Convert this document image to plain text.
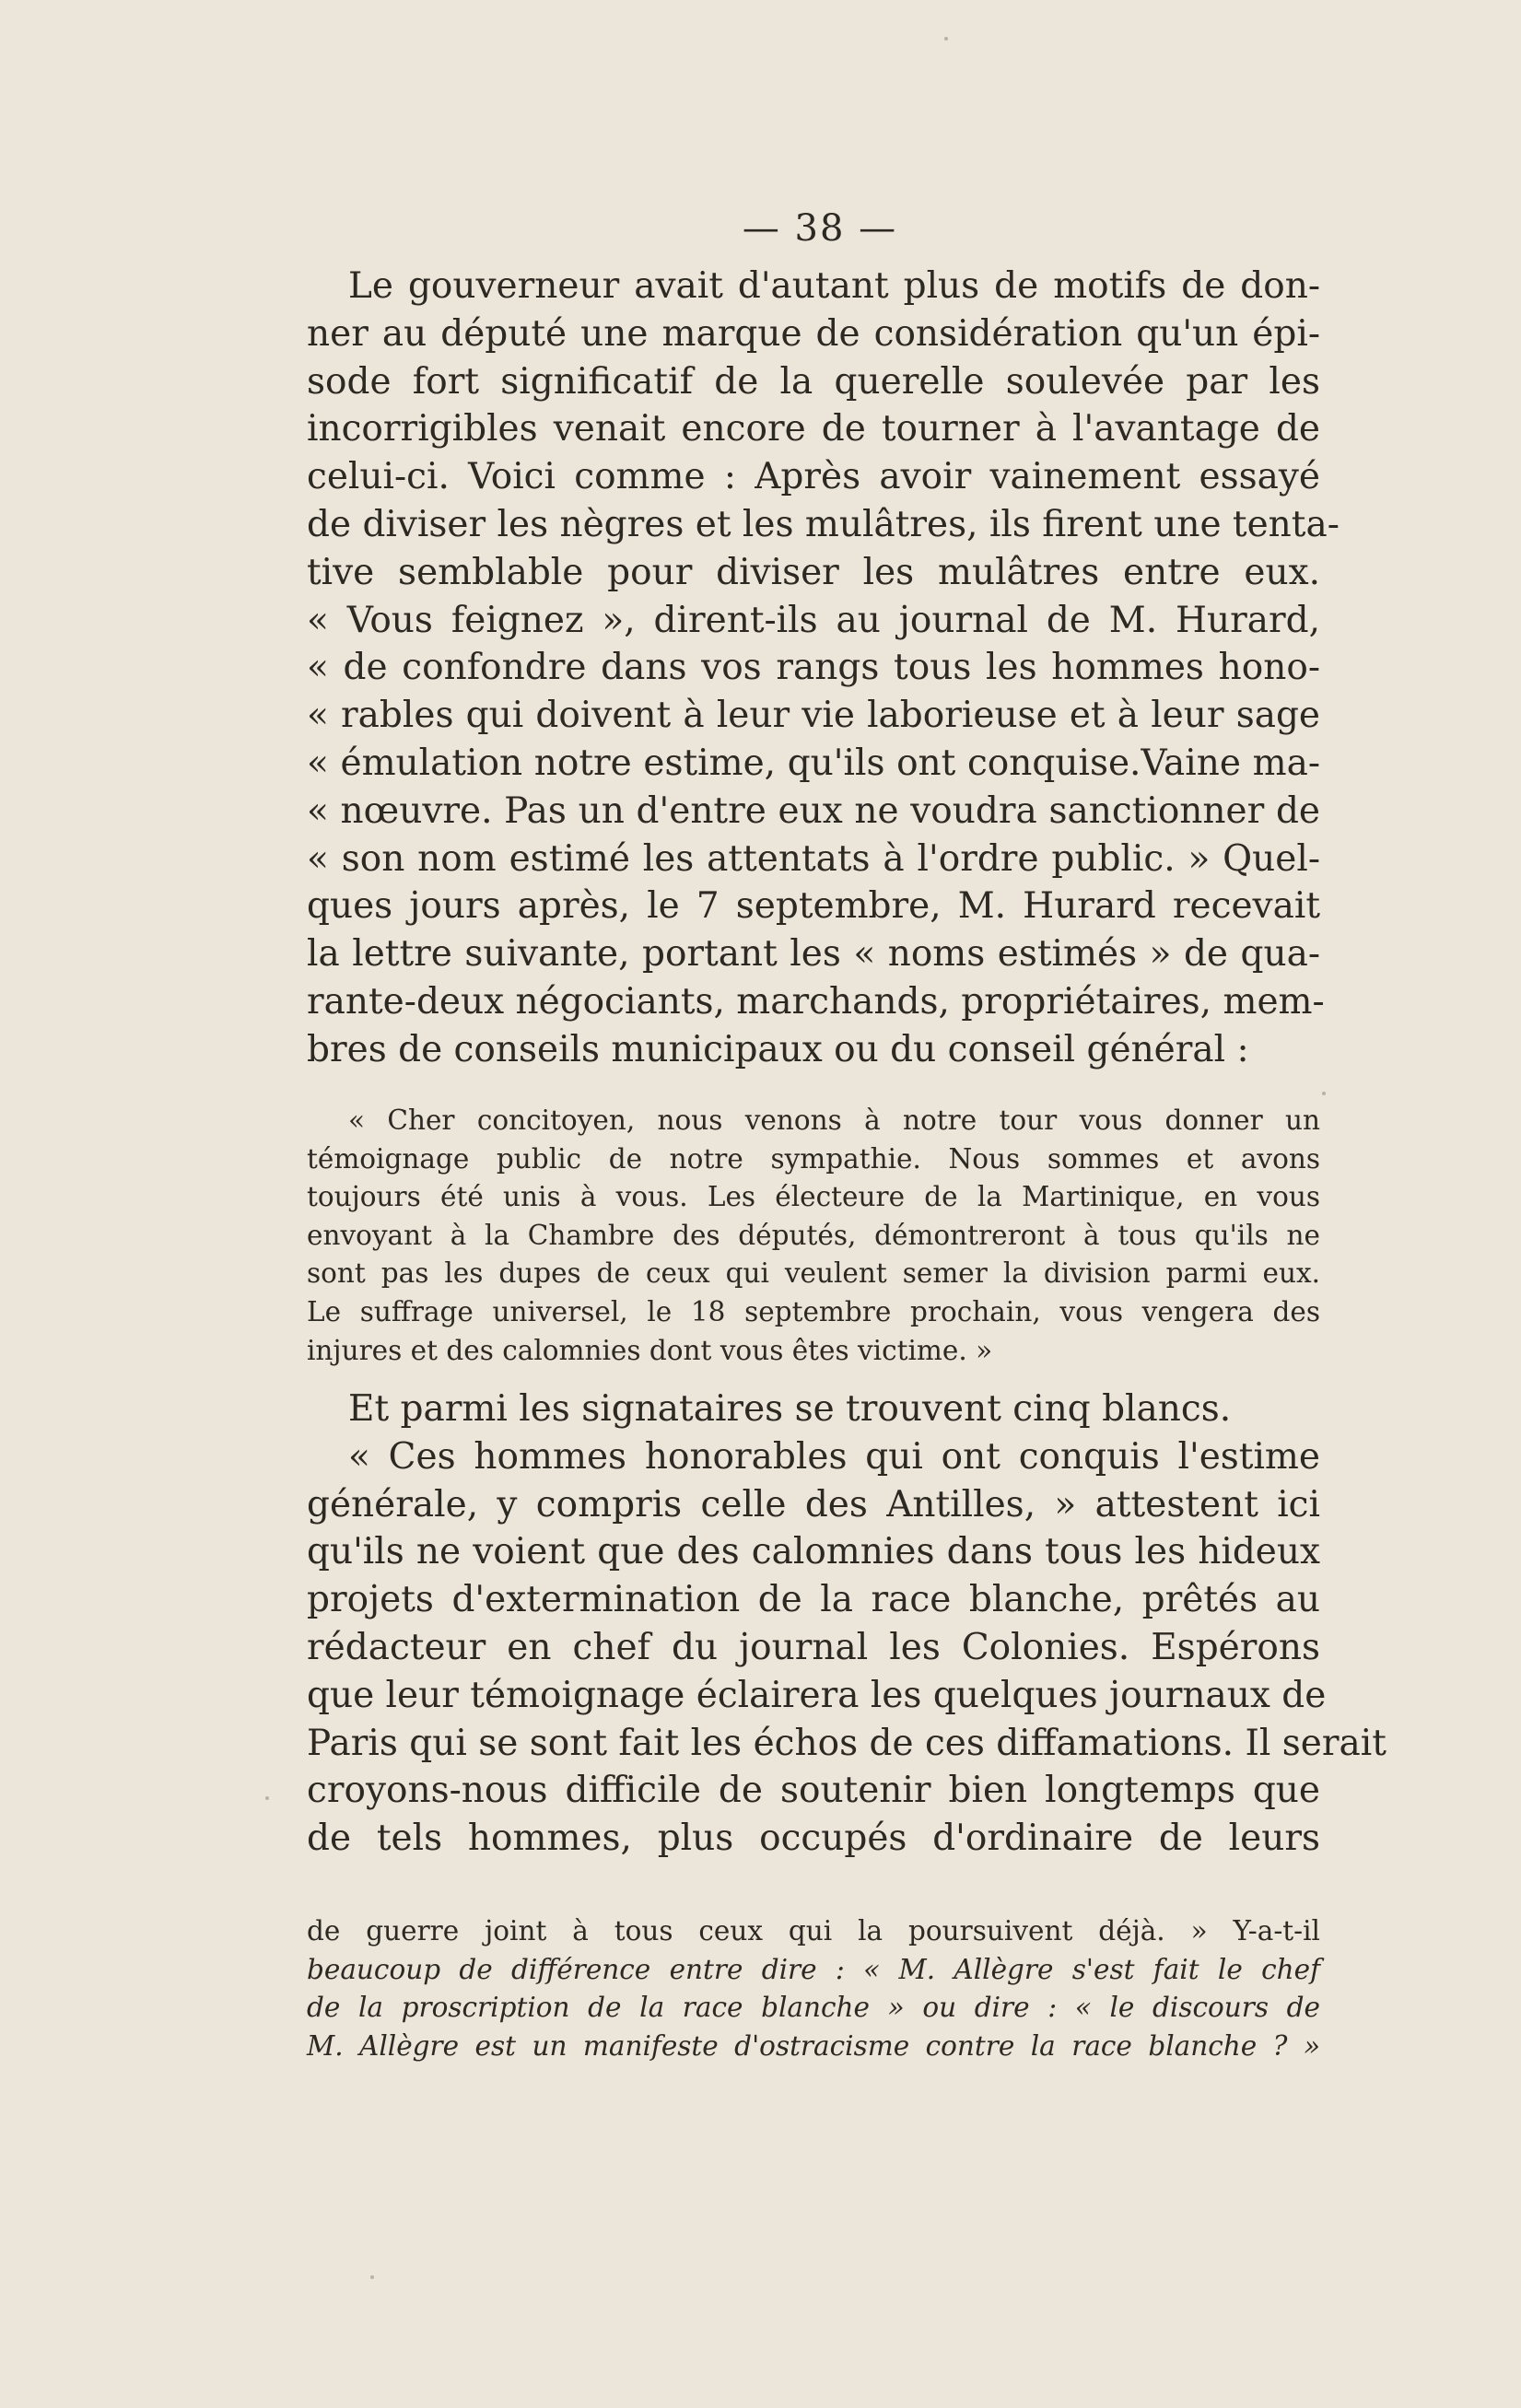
— 38 —
Le gouverneur avait d'autant plus de motifs de don-
ner au député une marque de considération qu'un épi-
sode fort significatif de la querelle soulevée par les
incorrigibles venait encore de tourner à l'avantage de
celui-ci. Voici comme : Après avoir vainement essayé
de diviser les nègres et les mulâtres, ils firent une tenta-
tive semblable pour diviser les mulâtres entre eux.
« Vous feignez », dirent-ils au journal de M. Hurard,
« de confondre dans vos rangs tous les hommes hono-
« rables qui doivent à leur vie laborieuse et à leur sage
« émulation notre estime, qu'ils ont conquise.Vaine ma-
« nœuvre. Pas un d'entre eux ne voudra sanctionner de
« son nom estimé les attentats à l'ordre public. » Quel-
ques jours après, le 7 septembre, M. Hurard recevait
la lettre suivante, portant les « noms estimés » de qua-
rante-deux négociants, marchands, propriétaires, mem-
bres de conseils municipaux ou du conseil général :
« Cher concitoyen, nous venons à notre tour vous donner un
témoignage public de notre sympathie. Nous sommes et avons
toujours été unis à vous. Les électeure de la Martinique, en vous
envoyant à la Chambre des députés, démontreront à tous qu'ils ne
sont pas les dupes de ceux qui veulent semer la division parmi eux.
Le suffrage universel, le 18 septembre prochain, vous vengera des
injures et des calomnies dont vous êtes victime. »
Et parmi les signataires se trouvent cinq blancs.
« Ces hommes honorables qui ont conquis l'estime
générale, y compris celle des Antilles, » attestent ici
qu'ils ne voient que des calomnies dans tous les hideux
projets d'extermination de la race blanche, prêtés au
rédacteur en chef du journal les Colonies. Espérons
que leur témoignage éclairera les quelques journaux de
Paris qui se sont fait les échos de ces diffamations. Il serait
croyons-nous difficile de soutenir bien longtemps que
de tels hommes, plus occupés d'ordinaire de leurs
de guerre joint à tous ceux qui la poursuivent déjà. » Y-a-t-il
beaucoup de différence entre dire : « M. Allègre s'est fait le chef
de la proscription de la race blanche » ou dire : « le discours de
M. Allègre est un manifeste d'ostracisme contre la race blanche ? »
